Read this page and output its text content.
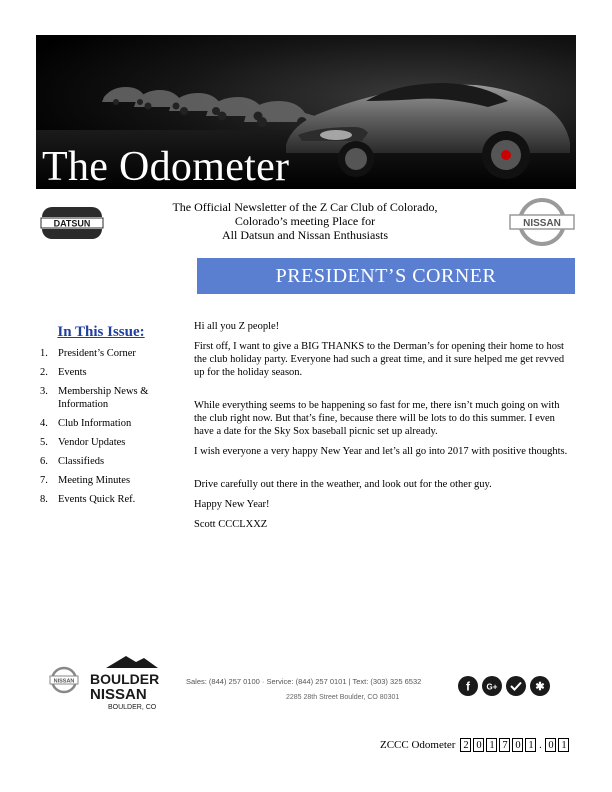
The Odometer
DATSUN	NISSAN
The Official Newsletter of the Z Car Club of Colorado,
Colorado’s meeting Place for
All Datsun and Nissan Enthusiasts
PRESIDENT’S CORNER
In This Issue:
1. President’s Corner
2. Events
3. Membership News & Information
4. Club Information
5. Vendor Updates
6. Classifieds
7. Meeting Minutes
8. Events Quick Ref.

Hi all you Z people!

First off, I want to give a BIG THANKS to the Derman’s for opening their home to host the club holiday party. Everyone had such a great time, and it sure helped me get revved up for the holiday season.

While everything seems to be happening so fast for me, there isn’t much going on with the club right now. But that’s fine, because there will be lots to do this summer. I even have a date for the Sky Sox baseball picnic set up already.

I wish everyone a very happy New Year and let’s all go into 2017 with positive thoughts.

Drive carefully out there in the weather, and look out for the other guy.

Happy New Year!

Scott CCCLXXZ

NISSAN BOULDER
NISSAN
BOULDER, CO
Sales: (844) 257 0100 · Service: (844) 257 0101 | Text: (303) 325 6532
2285 28th Street Boulder, CO 80301
f G+	✱
ZCCC Odometer 2 0 1 7 0 1 . 0 1
